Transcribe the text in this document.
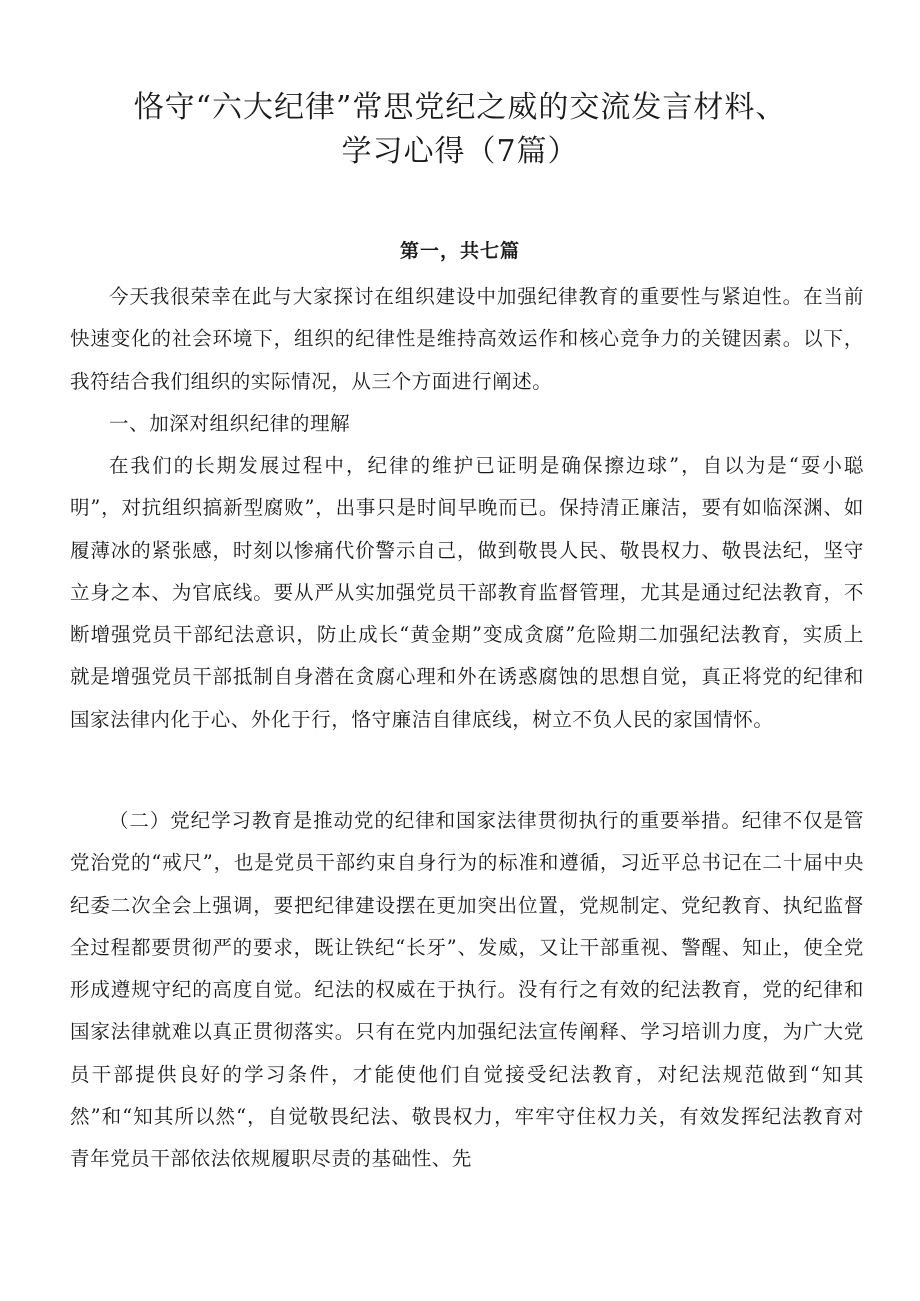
恪守“六大纪律”常思党纪之威的交流发言材料、
学习心得（7篇）
第一，共七篇

今天我很荣幸在此与大家探讨在组织建设中加强纪律教育的重要性与紧迫性。在当前快速变化的社会环境下，组织的纪律性是维持高效运作和核心竞争力的关键因素。以下，我符结合我们组织的实际情况，从三个方面进行阐述。

一、加深对组织纪律的理解

在我们的长期发展过程中，纪律的维护已证明是确保擦边球”，自以为是“耍小聪明”，对抗组织搞新型腐败”，出事只是时间早晚而已。保持清正廉洁，要有如临深渊、如履薄冰的紧张感，时刻以惨痛代价警示自己，做到敬畏人民、敬畏权力、敬畏法纪，坚守立身之本、为官底线。要从严从实加强党员干部教育监督管理，尤其是通过纪法教育，不断增强党员干部纪法意识，防止成长“黄金期”变成贪腐”危险期二加强纪法教育，实质上就是增强党员干部抵制自身潜在贪腐心理和外在诱惑腐蚀的思想自觉，真正将党的纪律和国家法律内化于心、外化于行，恪守廉洁自律底线，树立不负人民的家国情怀。

（二）党纪学习教育是推动党的纪律和国家法律贯彻执行的重要举措。纪律不仅是管党治党的“戒尺”，也是党员干部约束自身行为的标准和遵循，习近平总书记在二十届中央纪委二次全会上强调，要把纪律建设摆在更加突出位置，党规制定、党纪教育、执纪监督全过程都要贯彻严的要求，既让铁纪“长牙”、发威，又让干部重视、警醒、知止，使全党形成遵规守纪的高度自觉。纪法的权威在于执行。没有行之有效的纪法教育，党的纪律和国家法律就难以真正贯彻落实。只有在党内加强纪法宣传阐释、学习培训力度，为广大党员干部提供良好的学习条件，才能使他们自觉接受纪法教育，对纪法规范做到“知其然”和“知其所以然“，自觉敬畏纪法、敬畏权力，牢牢守住权力关，有效发挥纪法教育对青年党员干部依法依规履职尽责的基础性、先
